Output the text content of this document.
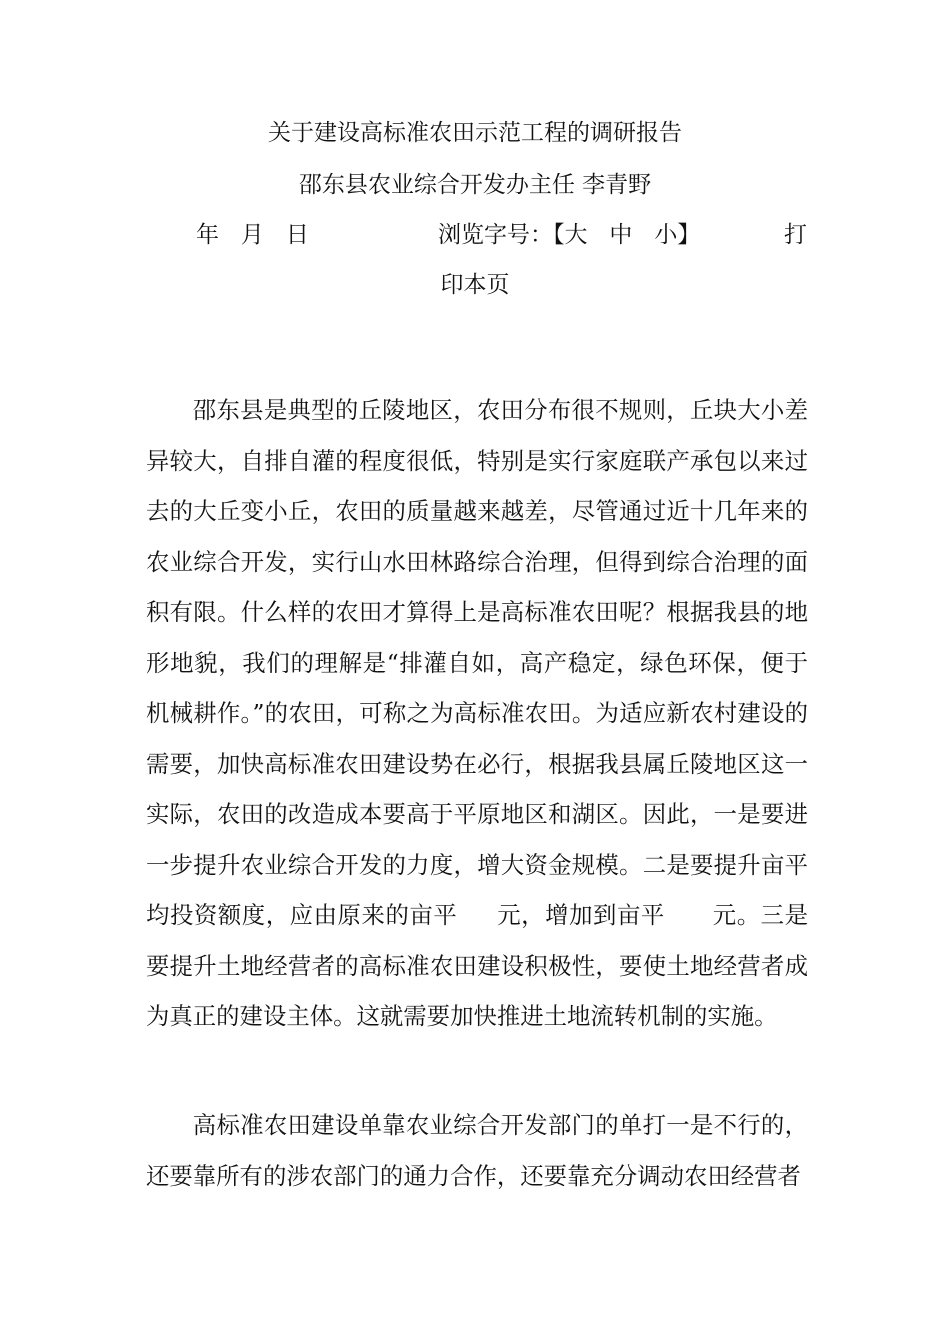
关于建设高标准农田示范工程的调研报告
邵东县农业综合开发办主任 李青野
年   月   日	浏览字号：【大   中   小】	打
印本页

邵东县是典型的丘陵地区，农田分布很不规则，丘块大小差异较大，自排自灌的程度很低，特别是实行家庭联产承包以来过去的大丘变小丘，农田的质量越来越差，尽管通过近十几年来的农业综合开发，实行山水田林路综合治理，但得到综合治理的面积有限。什么样的农田才算得上是高标准农田呢？根据我县的地形地貌，我们的理解是“排灌自如，高产稳定，绿色环保，便于机械耕作。”的农田，可称之为高标准农田。为适应新农村建设的需要，加快高标准农田建设势在必行，根据我县属丘陵地区这一实际，农田的改造成本要高于平原地区和湖区。因此，一是要进一步提升农业综合开发的力度，增大资金规模。二是要提升亩平均投资额度，应由原来的亩平 元，增加到亩平 元。三是要提升土地经营者的高标准农田建设积极性，要使土地经营者成为真正的建设主体。这就需要加快推进土地流转机制的实施。

高标准农田建设单靠农业综合开发部门的单打一是不行的，还要靠所有的涉农部门的通力合作，还要靠充分调动农田经营者
